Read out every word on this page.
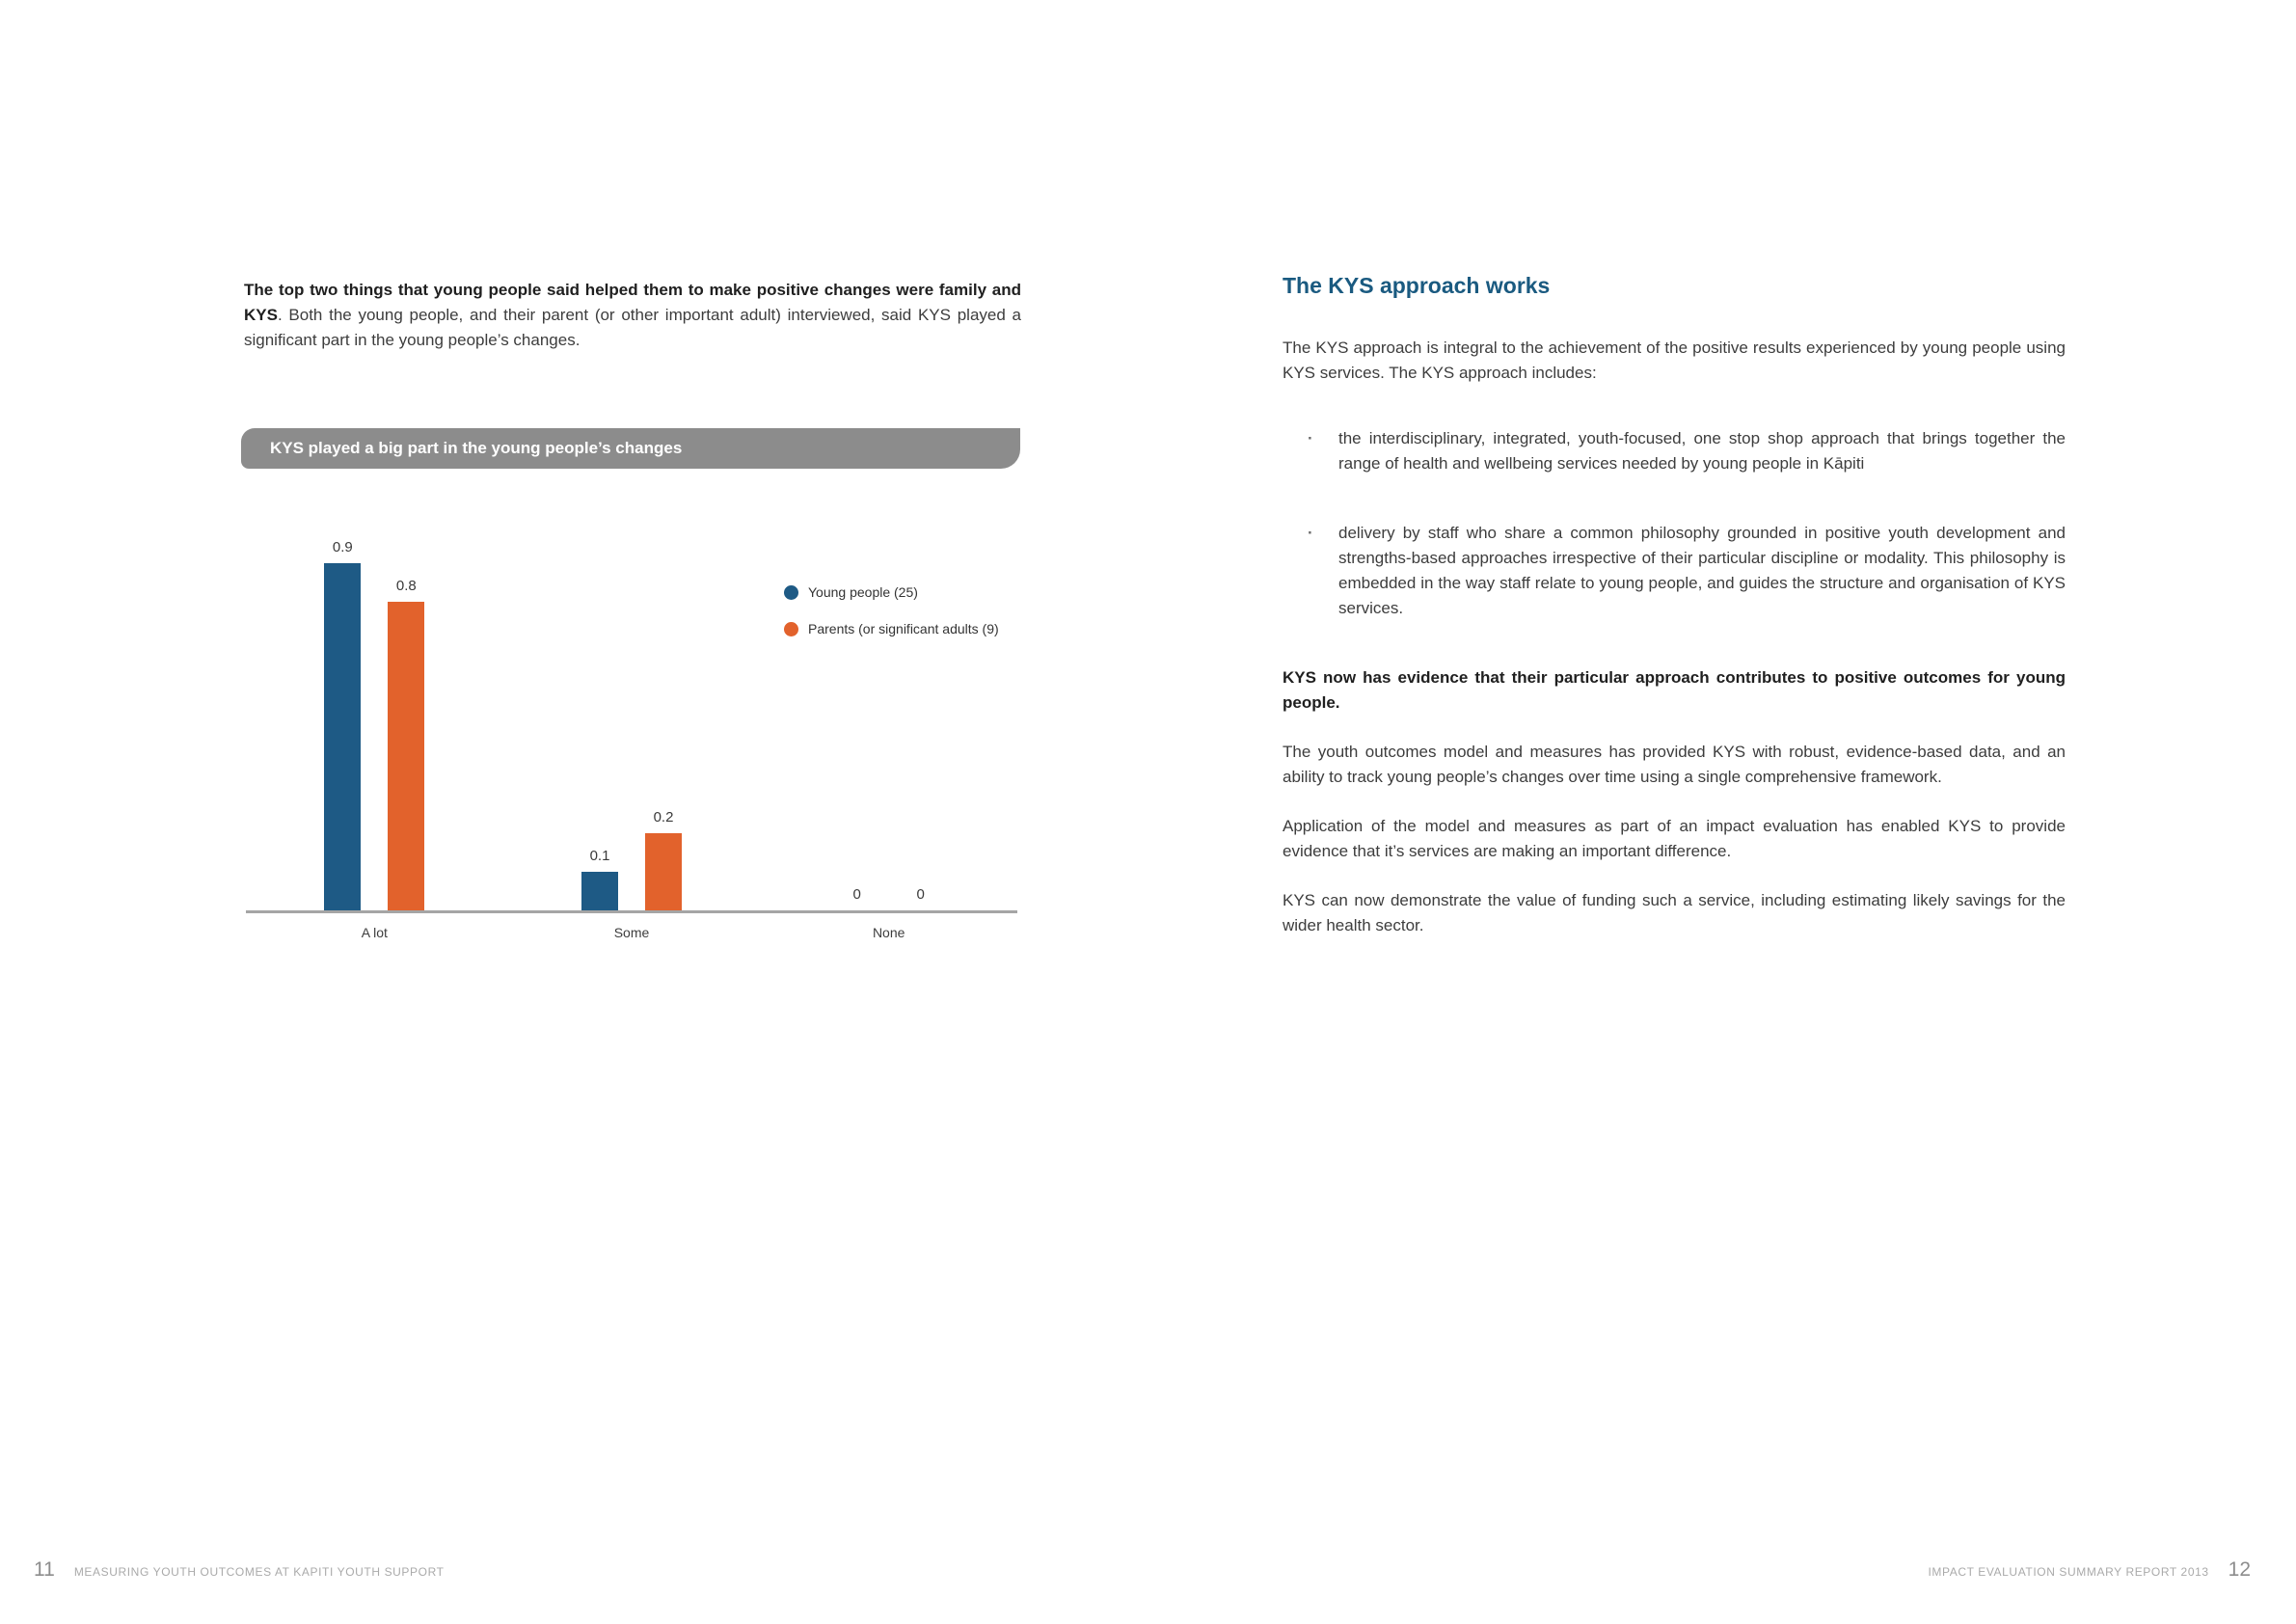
The top two things that young people said helped them to make positive changes were family and KYS. Both the young people, and their parent (or other important adult) interviewed, said KYS played a significant part in the young people’s changes.

KYS played a big part in the young people’s changes
Young people (25)
Parents (or significant adults (9)
0.9
0.8
0.1
0.2
0	0
A lot	Some	None
The KYS approach works

The KYS approach is integral to the achievement of the positive results experienced by young people using KYS services. The KYS approach includes:

· the interdisciplinary, integrated, youth-focused, one stop shop approach that brings together the range of health and wellbeing services needed by young people in Kāpiti
· delivery by staff who share a common philosophy grounded in positive youth development and strengths-based approaches irrespective of their particular discipline or modality. This philosophy is embedded in the way staff relate to young people, and guides the structure and organisation of KYS services.

KYS now has evidence that their particular approach contributes to positive outcomes for young people.

The youth outcomes model and measures has provided KYS with robust, evidence-based data, and an ability to track young people’s changes over time using a single comprehensive framework.

Application of the model and measures as part of an impact evaluation has enabled KYS to provide evidence that it’s services are making an important difference.

KYS can now demonstrate the value of funding such a service, including estimating likely savings for the wider health sector.

11 MEASURING YOUTH OUTCOMES AT KAPITI YOUTH SUPPORT	IMPACT EVALUATION SUMMARY REPORT 2013 12
